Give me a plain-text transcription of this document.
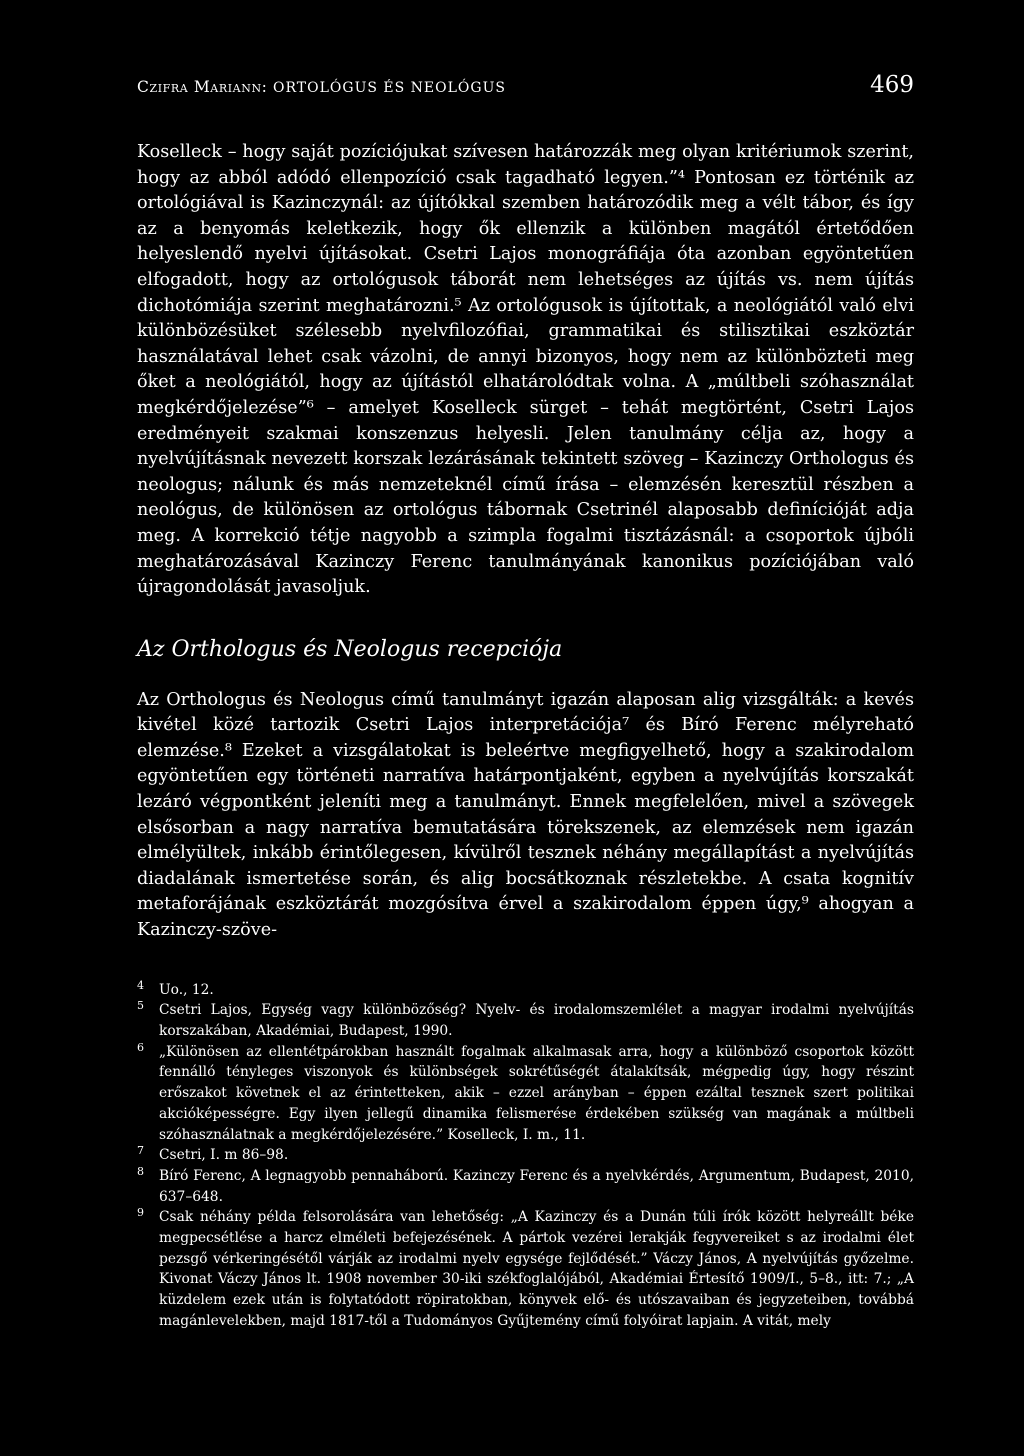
Czifra Mariann: ORTOLÓGUS ÉS NEOLÓGUS	469

Koselleck – hogy saját pozíciójukat szívesen határozzák meg olyan kritériumok szerint, hogy az abból adódó ellenpozíció csak tagadható legyen.”⁴ Pontosan ez történik az ortológiával is Kazinczynál: az újítókkal szemben határozódik meg a vélt tábor, és így az a benyomás keletkezik, hogy ők ellenzik a különben magától értetődően helyeslendő nyelvi újításokat. Csetri Lajos monográfiája óta azonban egyöntetűen elfogadott, hogy az ortológusok táborát nem lehetséges az újítás vs. nem újítás dichotómiája szerint meghatározni.⁵ Az ortológusok is újítottak, a neológiától való elvi különbözésüket szélesebb nyelvfilozófiai, grammatikai és stilisztikai eszköztár használatával lehet csak vázolni, de annyi bizonyos, hogy nem az különbözteti meg őket a neológiától, hogy az újítástól elhatárolódtak volna. A „múltbeli szóhasználat megkérdőjelezése”⁶ – amelyet Koselleck sürget – tehát megtörtént, Csetri Lajos eredményeit szakmai konszenzus helyesli. Jelen tanulmány célja az, hogy a nyelvújításnak nevezett korszak lezárásának tekintett szöveg – Kazinczy Orthologus és neologus; nálunk és más nemzeteknél című írása – elemzésén keresztül részben a neológus, de különösen az ortológus tábornak Csetrinél alaposabb definícióját adja meg. A korrekció tétje nagyobb a szimpla fogalmi tisztázásnál: a csoportok újbóli meghatározásával Kazinczy Ferenc tanulmányának kanonikus pozíciójában való újragondolását javasoljuk.

Az Orthologus és Neologus recepciója

Az Orthologus és Neologus című tanulmányt igazán alaposan alig vizsgálták: a kevés kivétel közé tartozik Csetri Lajos interpretációja⁷ és Bíró Ferenc mélyreható elemzése.⁸ Ezeket a vizsgálatokat is beleértve megfigyelhető, hogy a szakirodalom egyöntetűen egy történeti narratíva határpontjaként, egyben a nyelvújítás korszakát lezáró végpontként jeleníti meg a tanulmányt. Ennek megfelelően, mivel a szövegek elsősorban a nagy narratíva bemutatására törekszenek, az elemzések nem igazán elmélyültek, inkább érintőlegesen, kívülről tesznek néhány megállapítást a nyelvújítás diadalának ismertetése során, és alig bocsátkoznak részletekbe. A csata kognitív metaforájának eszköztárát mozgósítva érvel a szakirodalom éppen úgy,⁹ ahogyan a Kazinczy-szöve-

4	Uo., 12.
5	Csetri Lajos, Egység vagy különbözőség? Nyelv- és irodalomszemlélet a magyar irodalmi nyelvújítás korszakában, Akadémiai, Budapest, 1990.
6	„Különösen az ellentétpárokban használt fogalmak alkalmasak arra, hogy a különböző csoportok között fennálló tényleges viszonyok és különbségek sokrétűségét átalakítsák, mégpedig úgy, hogy részint erőszakot követnek el az érintetteken, akik – ezzel arányban – éppen ezáltal tesznek szert politikai akcióképességre. Egy ilyen jellegű dinamika felismerése érdekében szükség van magának a múltbeli szóhasználatnak a megkérdőjelezésére.” Koselleck, I. m., 11.
7	Csetri, I. m 86–98.
8	Bíró Ferenc, A legnagyobb pennaháború. Kazinczy Ferenc és a nyelvkérdés, Argumentum, Budapest, 2010, 637–648.
9	Csak néhány példa felsorolására van lehetőség: „A Kazinczy és a Dunán túli írók között helyreállt béke megpecsétlése a harcz elméleti befejezésének. A pártok vezérei lerakják fegyvereiket s az irodalmi élet pezsgő vérkeringésétől várják az irodalmi nyelv egysége fejlődését.” Váczy János, A nyelvújítás győzelme. Kivonat Váczy János lt. 1908 november 30-iki székfoglalójából, Akadémiai Értesítő 1909/I., 5–8., itt: 7.; „A küzdelem ezek után is folytatódott röpiratokban, könyvek elő- és utószavaiban és jegyzeteiben, továbbá magánlevelekben, majd 1817-től a Tudományos Gyűjtemény című folyóirat lapjain. A vitát, mely
